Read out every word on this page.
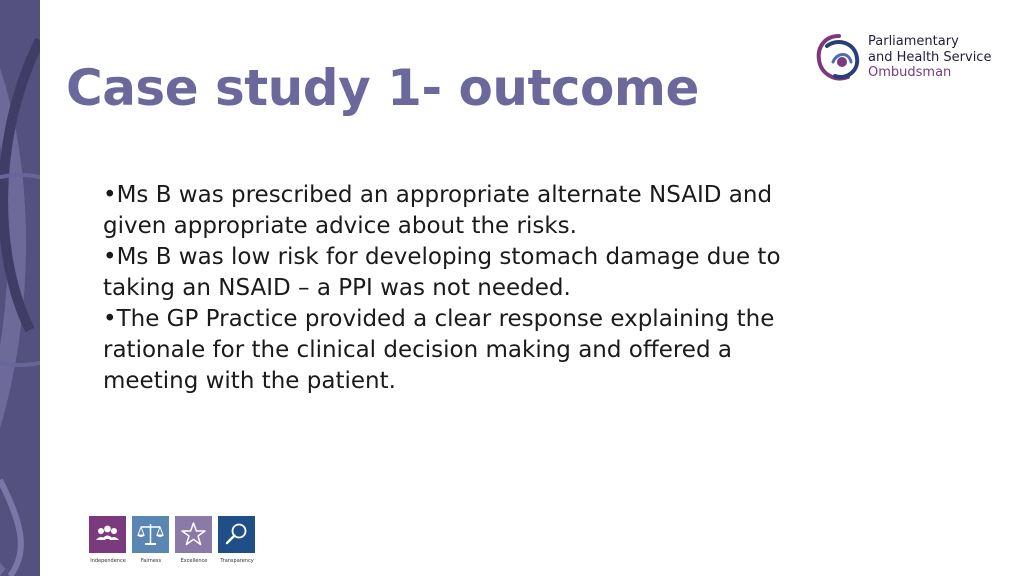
Case study 1- outcome
Parliamentary
and Health Service
Ombudsman
•Ms B was prescribed an appropriate alternate NSAID and given appropriate advice about the risks.
•Ms B was low risk for developing stomach damage due to taking an NSAID – a PPI was not needed.
•The GP Practice provided a clear response explaining the rationale for the clinical decision making and offered a meeting with the patient.
Independence	Fairness	Excellence	Transparency
